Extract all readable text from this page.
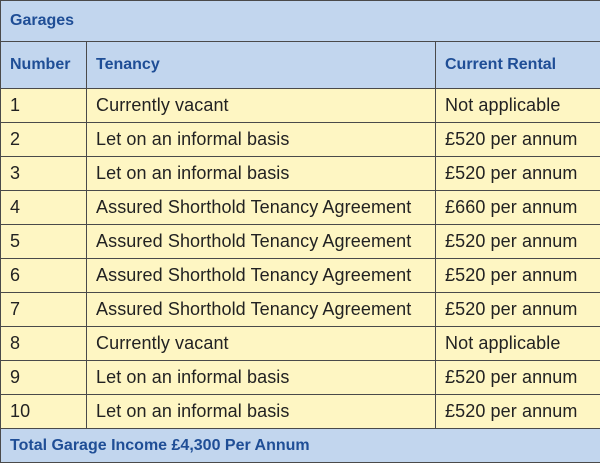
Garages		
Number	Tenancy	Current Rental
1	Currently vacant	Not applicable
2	Let on an informal basis	£520 per annum
3	Let on an informal basis	£520 per annum
4	Assured Shorthold Tenancy Agreement	£660 per annum
5	Assured Shorthold Tenancy Agreement	£520 per annum
6	Assured Shorthold Tenancy Agreement	£520 per annum
7	Assured Shorthold Tenancy Agreement	£520 per annum
8	Currently vacant	Not applicable
9	Let on an informal basis	£520 per annum
10	Let on an informal basis	£520 per annum
Total Garage Income £4,300 Per Annum		
